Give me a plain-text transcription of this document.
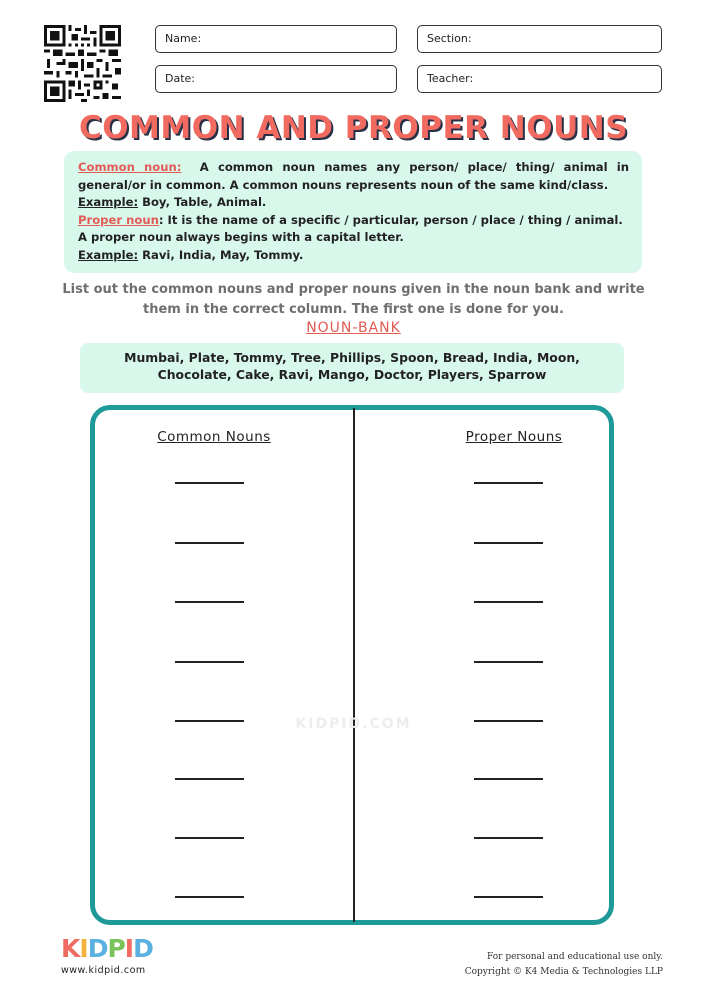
Name:	Section:
Date:	Teacher:
COMMON AND PROPER NOUNS
Common noun: A common noun names any person/ place/ thing/ animal in general/or in common. A common nouns represents noun of the same kind/class.
Example: Boy, Table, Animal.
Proper noun: It is the name of a specific / particular, person / place / thing / animal. A proper noun always begins with a capital letter.
Example: Ravi, India, May, Tommy.
List out the common nouns and proper nouns given in the noun bank and write them in the correct column. The first one is done for you.
NOUN-BANK
Mumbai, Plate, Tommy, Tree, Phillips, Spoon, Bread, India, Moon,
Chocolate, Cake, Ravi, Mango, Doctor, Players, Sparrow
Common Nouns	Proper Nouns
KIDPID.COM
KIDPID
www.kidpid.com
For personal and educational use only.
Copyright © K4 Media & Technologies LLP
